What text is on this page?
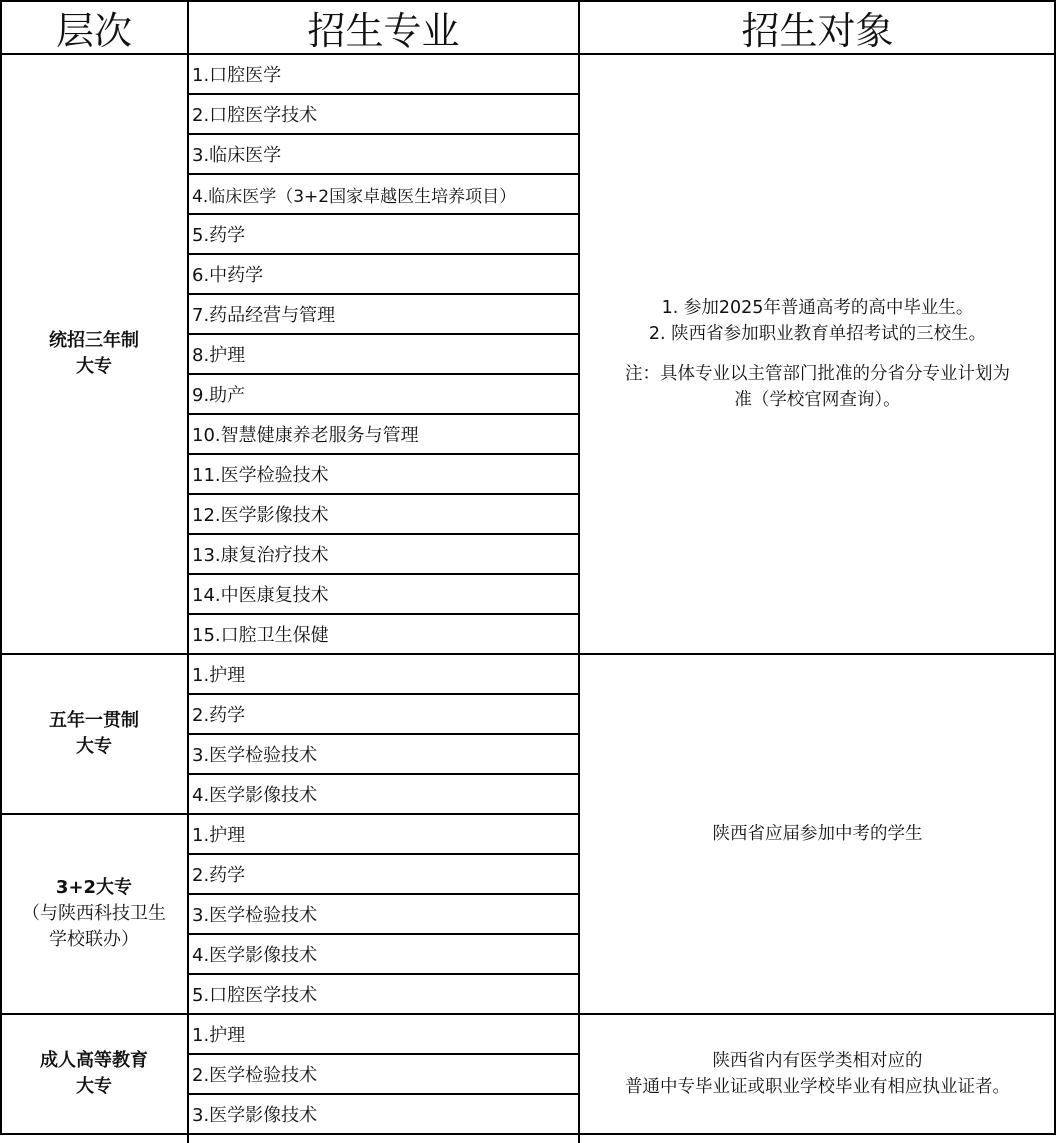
层次	招生专业	招生对象
统招三年制
大专
五年一贯制
大专
3+2大专
（与陕西科技卫生
学校联办）
成人高等教育
大专
1.口腔医学
2.口腔医学技术
3.临床医学
4.临床医学（3+2国家卓越医生培养项目）
5.药学
6.中药学
7.药品经营与管理
8.护理
9.助产
10.智慧健康养老服务与管理
11.医学检验技术
12.医学影像技术
13.康复治疗技术
14.中医康复技术
15.口腔卫生保健
1.护理
2.药学
3.医学检验技术
4.医学影像技术
1.护理
2.药学
3.医学检验技术
4.医学影像技术
5.口腔医学技术
1.护理
2.医学检验技术
3.医学影像技术
1. 参加2025年普通高考的高中毕业生。
2. 陕西省参加职业教育单招考试的三校生。
注：具体专业以主管部门批准的分省分专业计划为
准（学校官网查询）。
陕西省应届参加中考的学生
陕西省内有医学类相对应的
普通中专毕业证或职业学校毕业有相应执业证者。
